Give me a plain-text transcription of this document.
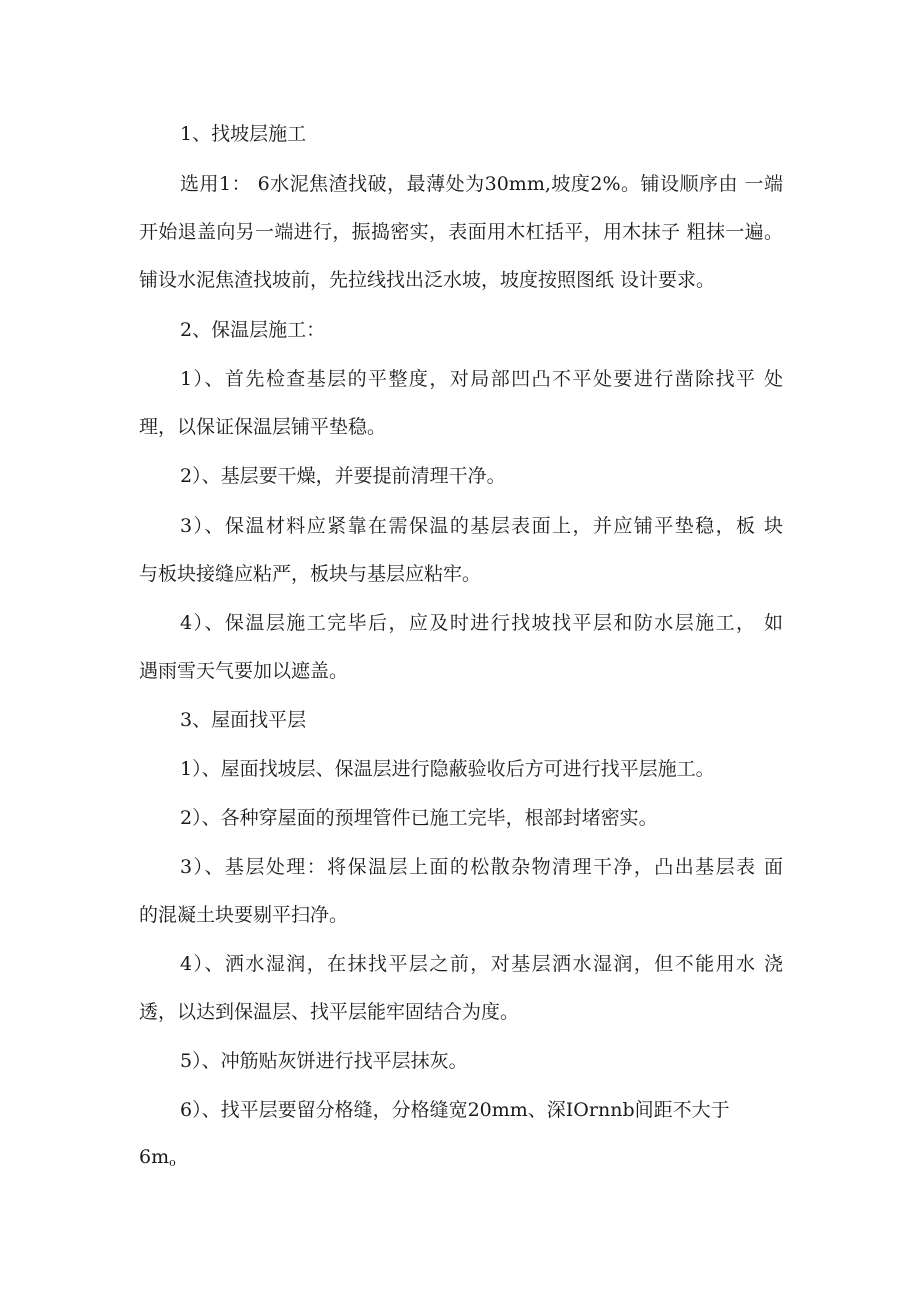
1、找坡层施工
选用1： 6水泥焦渣找破，最薄处为30mm,坡度2%。铺设顺序由 一端
开始退盖向另一端进行，振捣密实，表面用木杠括平，用木抹子 粗抹一遍。
铺设水泥焦渣找坡前，先拉线找出泛水坡，坡度按照图纸 设计要求。
2、保温层施工：
1）、首先检查基层的平整度，对局部凹凸不平处要进行凿除找平 处
理，以保证保温层铺平垫稳。
2）、基层要干燥，并要提前清理干净。
3）、保温材料应紧靠在需保温的基层表面上，并应铺平垫稳，板 块
与板块接缝应粘严，板块与基层应粘牢。
4）、保温层施工完毕后，应及时进行找坡找平层和防水层施工， 如
遇雨雪天气要加以遮盖。
3、屋面找平层
1）、屋面找坡层、保温层进行隐蔽验收后方可进行找平层施工。
2）、各种穿屋面的预埋管件已施工完毕，根部封堵密实。
3）、基层处理：将保温层上面的松散杂物清理干净，凸出基层表 面
的混凝土块要剔平扫净。
4）、洒水湿润，在抹找平层之前，对基层洒水湿润，但不能用水 浇
透，以达到保温层、找平层能牢固结合为度。
5）、冲筋贴灰饼进行找平层抹灰。
6）、找平层要留分格缝，分格缝宽20mm、深IOrnnb间距不大于
$6m_o$
